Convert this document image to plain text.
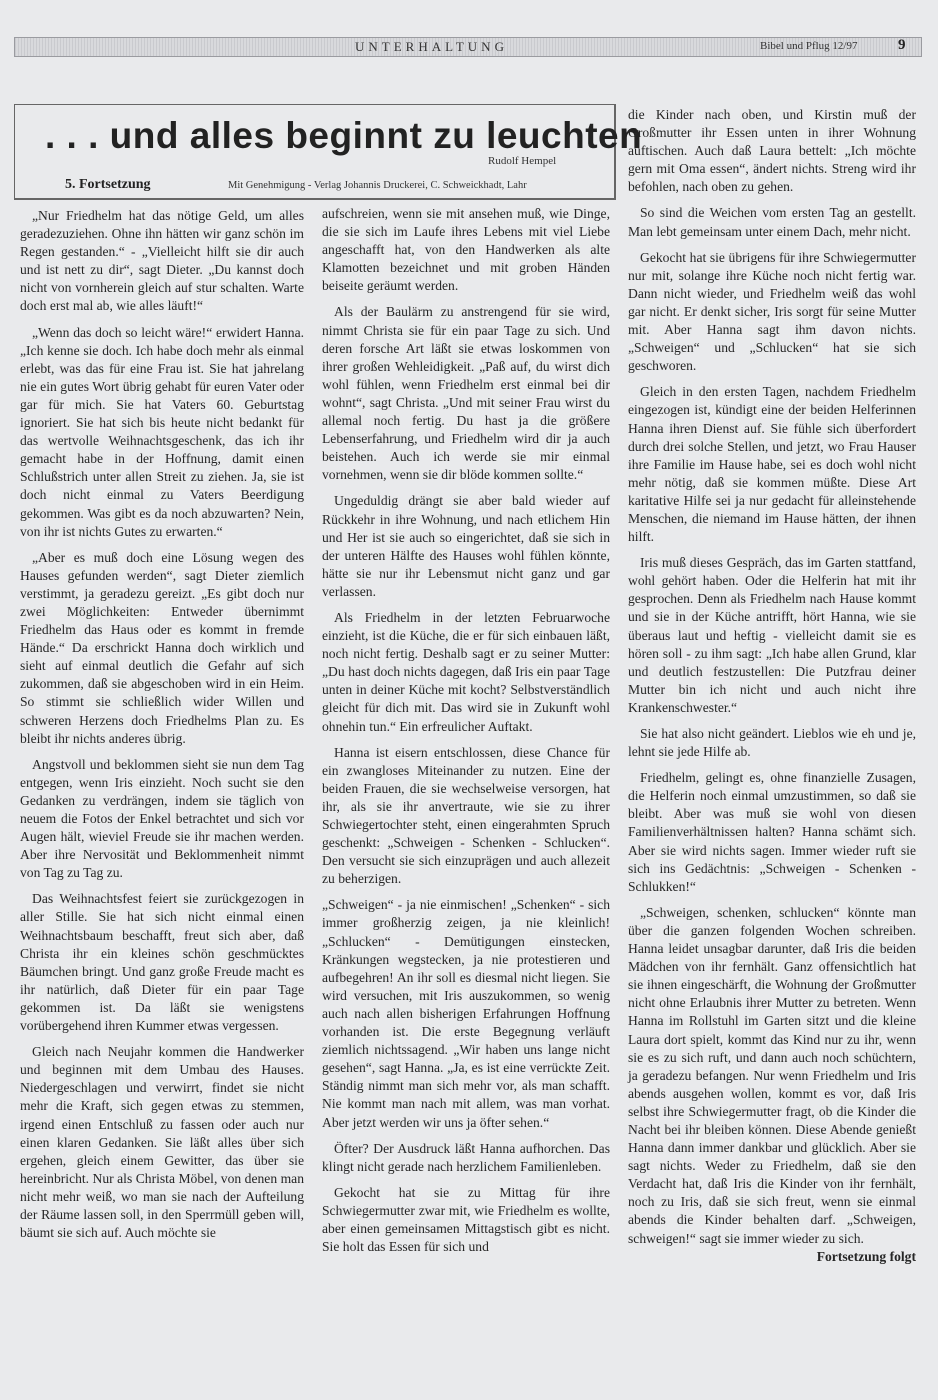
UNTERHALTUNG	Bibel und Pflug 12/97	9
. . . und alles beginnt zu leuchten
Rudolf Hempel
5. Fortsetzung	Mit Genehmigung - Verlag Johannis Druckerei, C. Schweickhadt, Lahr

„Nur Friedhelm hat das nötige Geld, um alles geradezuziehen. Ohne ihn hätten wir ganz schön im Regen gestanden.“ - „Vielleicht hilft sie dir auch und ist nett zu dir“, sagt Dieter. „Du kannst doch nicht von vornherein gleich auf stur schalten. Warte doch erst mal ab, wie alles läuft!“

„Wenn das doch so leicht wäre!“ erwidert Hanna. „Ich kenne sie doch. Ich habe doch mehr als einmal erlebt, was das für eine Frau ist. Sie hat jahrelang nie ein gutes Wort übrig gehabt für euren Vater oder gar für mich. Sie hat Vaters 60. Geburtstag ignoriert. Sie hat sich bis heute nicht bedankt für das wertvolle Weihnachtsgeschenk, das ich ihr gemacht habe in der Hoffnung, damit einen Schlußstrich unter allen Streit zu ziehen. Ja, sie ist doch nicht einmal zu Vaters Beerdigung gekommen. Was gibt es da noch abzuwarten? Nein, von ihr ist nichts Gutes zu erwarten.“

„Aber es muß doch eine Lösung wegen des Hauses gefunden werden“, sagt Dieter ziemlich verstimmt, ja geradezu gereizt. „Es gibt doch nur zwei Möglichkeiten: Entweder übernimmt Friedhelm das Haus oder es kommt in fremde Hände.“ Da erschrickt Hanna doch wirklich und sieht auf einmal deutlich die Gefahr auf sich zukommen, daß sie abgeschoben wird in ein Heim. So stimmt sie schließlich wider Willen und schweren Herzens doch Friedhelms Plan zu. Es bleibt ihr nichts anderes übrig.

Angstvoll und beklommen sieht sie nun dem Tag entgegen, wenn Iris einzieht. Noch sucht sie den Gedanken zu verdrängen, indem sie täglich von neuem die Fotos der Enkel betrachtet und sich vor Augen hält, wieviel Freude sie ihr machen werden. Aber ihre Nervosität und Beklommenheit nimmt von Tag zu Tag zu.

Das Weihnachtsfest feiert sie zurückgezogen in aller Stille. Sie hat sich nicht einmal einen Weihnachtsbaum beschafft, freut sich aber, daß Christa ihr ein kleines schön geschmücktes Bäumchen bringt. Und ganz große Freude macht es ihr natürlich, daß Dieter für ein paar Tage gekommen ist. Da läßt sie wenigstens vorübergehend ihren Kummer etwas vergessen.

Gleich nach Neujahr kommen die Handwerker und beginnen mit dem Umbau des Hauses. Niedergeschlagen und verwirrt, findet sie nicht mehr die Kraft, sich gegen etwas zu stemmen, irgend einen Entschluß zu fassen oder auch nur einen klaren Gedanken. Sie läßt alles über sich ergehen, gleich einem Gewitter, das über sie hereinbricht. Nur als Christa Möbel, von denen man nicht mehr weiß, wo man sie nach der Aufteilung der Räume lassen soll, in den Sperrmüll geben will, bäumt sie sich auf. Auch möchte sie

aufschreien, wenn sie mit ansehen muß, wie Dinge, die sie sich im Laufe ihres Lebens mit viel Liebe angeschafft hat, von den Handwerken als alte Klamotten bezeichnet und mit groben Händen beiseite geräumt werden.

Als der Baulärm zu anstrengend für sie wird, nimmt Christa sie für ein paar Tage zu sich. Und deren forsche Art läßt sie etwas loskommen von ihrer großen Wehleidigkeit. „Paß auf, du wirst dich wohl fühlen, wenn Friedhelm erst einmal bei dir wohnt“, sagt Christa. „Und mit seiner Frau wirst du allemal noch fertig. Du hast ja die größere Lebenserfahrung, und Friedhelm wird dir ja auch beistehen. Auch ich werde sie mir einmal vornehmen, wenn sie dir blöde kommen sollte.“

Ungeduldig drängt sie aber bald wieder auf Rückkehr in ihre Wohnung, und nach etlichem Hin und Her ist sie auch so eingerichtet, daß sie sich in der unteren Hälfte des Hauses wohl fühlen könnte, hätte sie nur ihr Lebensmut nicht ganz und gar verlassen.

Als Friedhelm in der letzten Februarwoche einzieht, ist die Küche, die er für sich einbauen läßt, noch nicht fertig. Deshalb sagt er zu seiner Mutter: „Du hast doch nichts dagegen, daß Iris ein paar Tage unten in deiner Küche mit kocht? Selbstverständlich gleicht für dich mit. Das wird sie in Zukunft wohl ohnehin tun.“ Ein erfreulicher Auftakt.

Hanna ist eisern entschlossen, diese Chance für ein zwangloses Miteinander zu nutzen. Eine der beiden Frauen, die sie wechselweise versorgen, hat ihr, als sie ihr anvertraute, wie sie zu ihrer Schwiegertochter steht, einen eingerahmten Spruch geschenkt: „Schweigen - Schenken - Schlucken“. Den versucht sie sich einzuprägen und auch allezeit zu beherzigen.

„Schweigen“ - ja nie einmischen! „Schenken“ - sich immer großherzig zeigen, ja nie kleinlich! „Schlucken“ - Demütigungen einstecken, Kränkungen wegstecken, ja nie protestieren und aufbegehren! An ihr soll es diesmal nicht liegen. Sie wird versuchen, mit Iris auszukommen, so wenig auch nach allen bisherigen Erfahrungen Hoffnung vorhanden ist. Die erste Begegnung verläuft ziemlich nichtssagend. „Wir haben uns lange nicht gesehen“, sagt Hanna. „Ja, es ist eine verrückte Zeit. Ständig nimmt man sich mehr vor, als man schafft. Nie kommt man nach mit allem, was man vorhat. Aber jetzt werden wir uns ja öfter sehen.“

Öfter? Der Ausdruck läßt Hanna aufhorchen. Das klingt nicht gerade nach herzlichem Familienleben.

Gekocht hat sie zu Mittag für ihre Schwiegermutter zwar mit, wie Friedhelm es wollte, aber einen gemeinsamen Mittagstisch gibt es nicht. Sie holt das Essen für sich und

die Kinder nach oben, und Kirstin muß der Großmutter ihr Essen unten in ihrer Wohnung auftischen. Auch daß Laura bettelt: „Ich möchte gern mit Oma essen“, ändert nichts. Streng wird ihr befohlen, nach oben zu gehen.

So sind die Weichen vom ersten Tag an gestellt. Man lebt gemeinsam unter einem Dach, mehr nicht.

Gekocht hat sie übrigens für ihre Schwiegermutter nur mit, solange ihre Küche noch nicht fertig war. Dann nicht wieder, und Friedhelm weiß das wohl gar nicht. Er denkt sicher, Iris sorgt für seine Mutter mit. Aber Hanna sagt ihm davon nichts. „Schweigen“ und „Schlucken“ hat sie sich geschworen.

Gleich in den ersten Tagen, nachdem Friedhelm eingezogen ist, kündigt eine der beiden Helferinnen Hanna ihren Dienst auf. Sie fühle sich überfordert durch drei solche Stellen, und jetzt, wo Frau Hauser ihre Familie im Hause habe, sei es doch wohl nicht mehr nötig, daß sie kommen müßte. Diese Art karitative Hilfe sei ja nur gedacht für alleinstehende Menschen, die niemand im Hause hätten, der ihnen hilft.

Iris muß dieses Gespräch, das im Garten stattfand, wohl gehört haben. Oder die Helferin hat mit ihr gesprochen. Denn als Friedhelm nach Hause kommt und sie in der Küche antrifft, hört Hanna, wie sie überaus laut und heftig - vielleicht damit sie es hören soll - zu ihm sagt: „Ich habe allen Grund, klar und deutlich festzustellen: Die Putzfrau deiner Mutter bin ich nicht und auch nicht ihre Krankenschwester.“

Sie hat also nicht geändert. Lieblos wie eh und je, lehnt sie jede Hilfe ab.

Friedhelm, gelingt es, ohne finanzielle Zusagen, die Helferin noch einmal umzustimmen, so daß sie bleibt. Aber was muß sie wohl von diesen Familienverhältnissen halten? Hanna schämt sich. Aber sie wird nichts sagen. Immer wieder ruft sie sich ins Gedächtnis: „Schweigen - Schenken - Schlukken!“

„Schweigen, schenken, schlucken“ könnte man über die ganzen folgenden Wochen schreiben. Hanna leidet unsagbar darunter, daß Iris die beiden Mädchen von ihr fernhält. Ganz offensichtlich hat sie ihnen eingeschärft, die Wohnung der Großmutter nicht ohne Erlaubnis ihrer Mutter zu betreten. Wenn Hanna im Rollstuhl im Garten sitzt und die kleine Laura dort spielt, kommt das Kind nur zu ihr, wenn sie es zu sich ruft, und dann auch noch schüchtern, ja geradezu befangen. Nur wenn Friedhelm und Iris abends ausgehen wollen, kommt es vor, daß Iris selbst ihre Schwiegermutter fragt, ob die Kinder die Nacht bei ihr bleiben können. Diese Abende genießt Hanna dann immer dankbar und glücklich. Aber sie sagt nichts. Weder zu Friedhelm, daß sie den Verdacht hat, daß Iris die Kinder von ihr fernhält, noch zu Iris, daß sie sich freut, wenn sie einmal abends die Kinder behalten darf. „Schweigen, schweigen!“ sagt sie immer wieder zu sich.
Fortsetzung folgt
